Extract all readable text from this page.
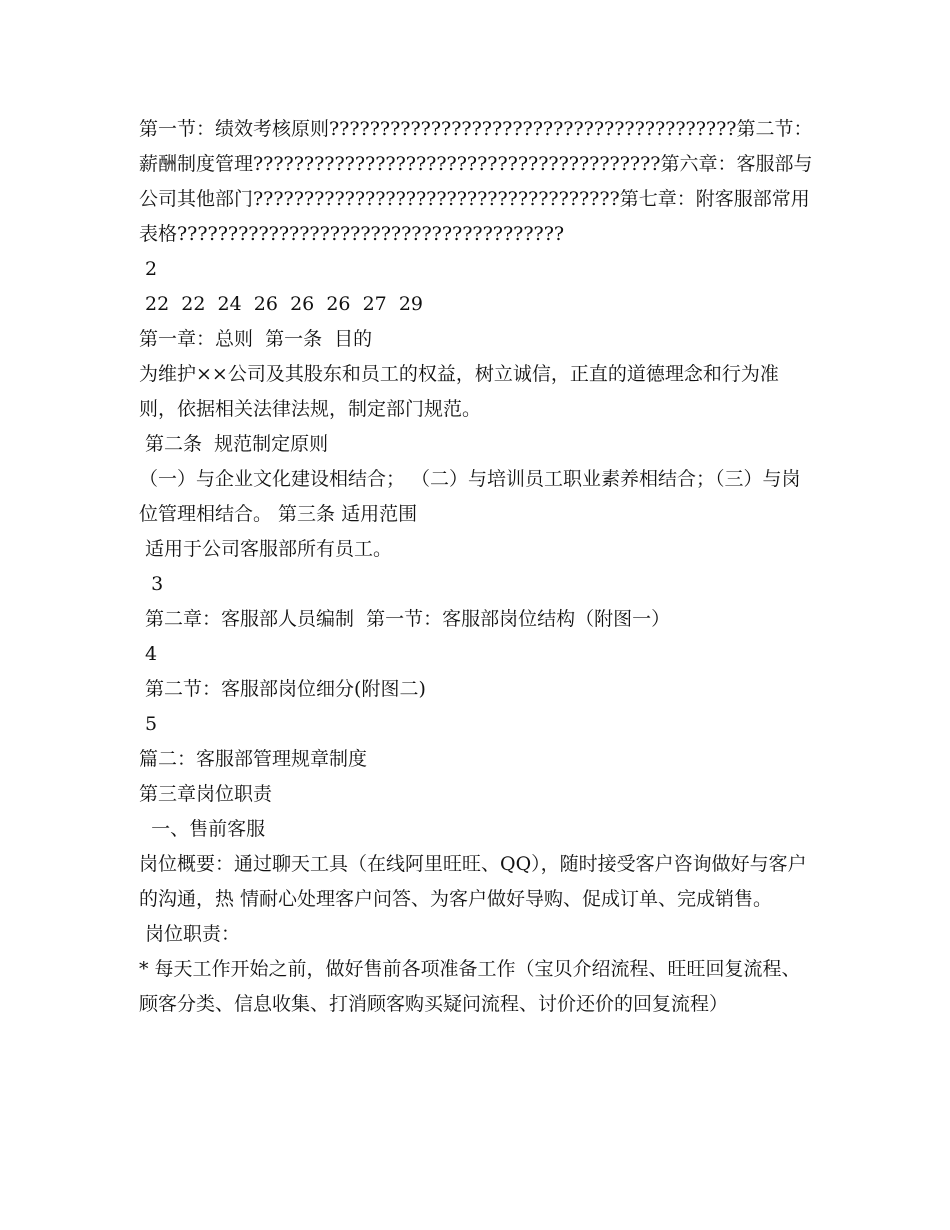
第一节：绩效考核原则????????????????????????????????????????第二节：薪酬制度管理????????????????????????????????????????第六章：客服部与公司其他部门????????????????????????????????????第七章：附客服部常用表格??????????????????????????????????????

2

22  22  24  26  26  26  27  29

第一章：总则  第一条  目的

为维护××公司及其股东和员工的权益，树立诚信，正直的道德理念和行为准则，依据相关法律法规，制定部门规范。

第二条  规范制定原则

（一）与企业文化建设相结合； （二）与培训员工职业素养相结合；（三）与岗位管理相结合。 第三条 适用范围

适用于公司客服部所有员工。

3

第二章：客服部人员编制  第一节：客服部岗位结构（附图一）

4

第二节：客服部岗位细分(附图二)

5

篇二：客服部管理规章制度

第三章岗位职责

一、售前客服

岗位概要：通过聊天工具（在线阿里旺旺、QQ），随时接受客户咨询做好与客户的沟通，热 情耐心处理客户问答、为客户做好导购、促成订单、完成销售。

岗位职责：

* 每天工作开始之前，做好售前各项准备工作（宝贝介绍流程、旺旺回复流程、顾客分类、信息收集、打消顾客购买疑问流程、讨价还价的回复流程）
